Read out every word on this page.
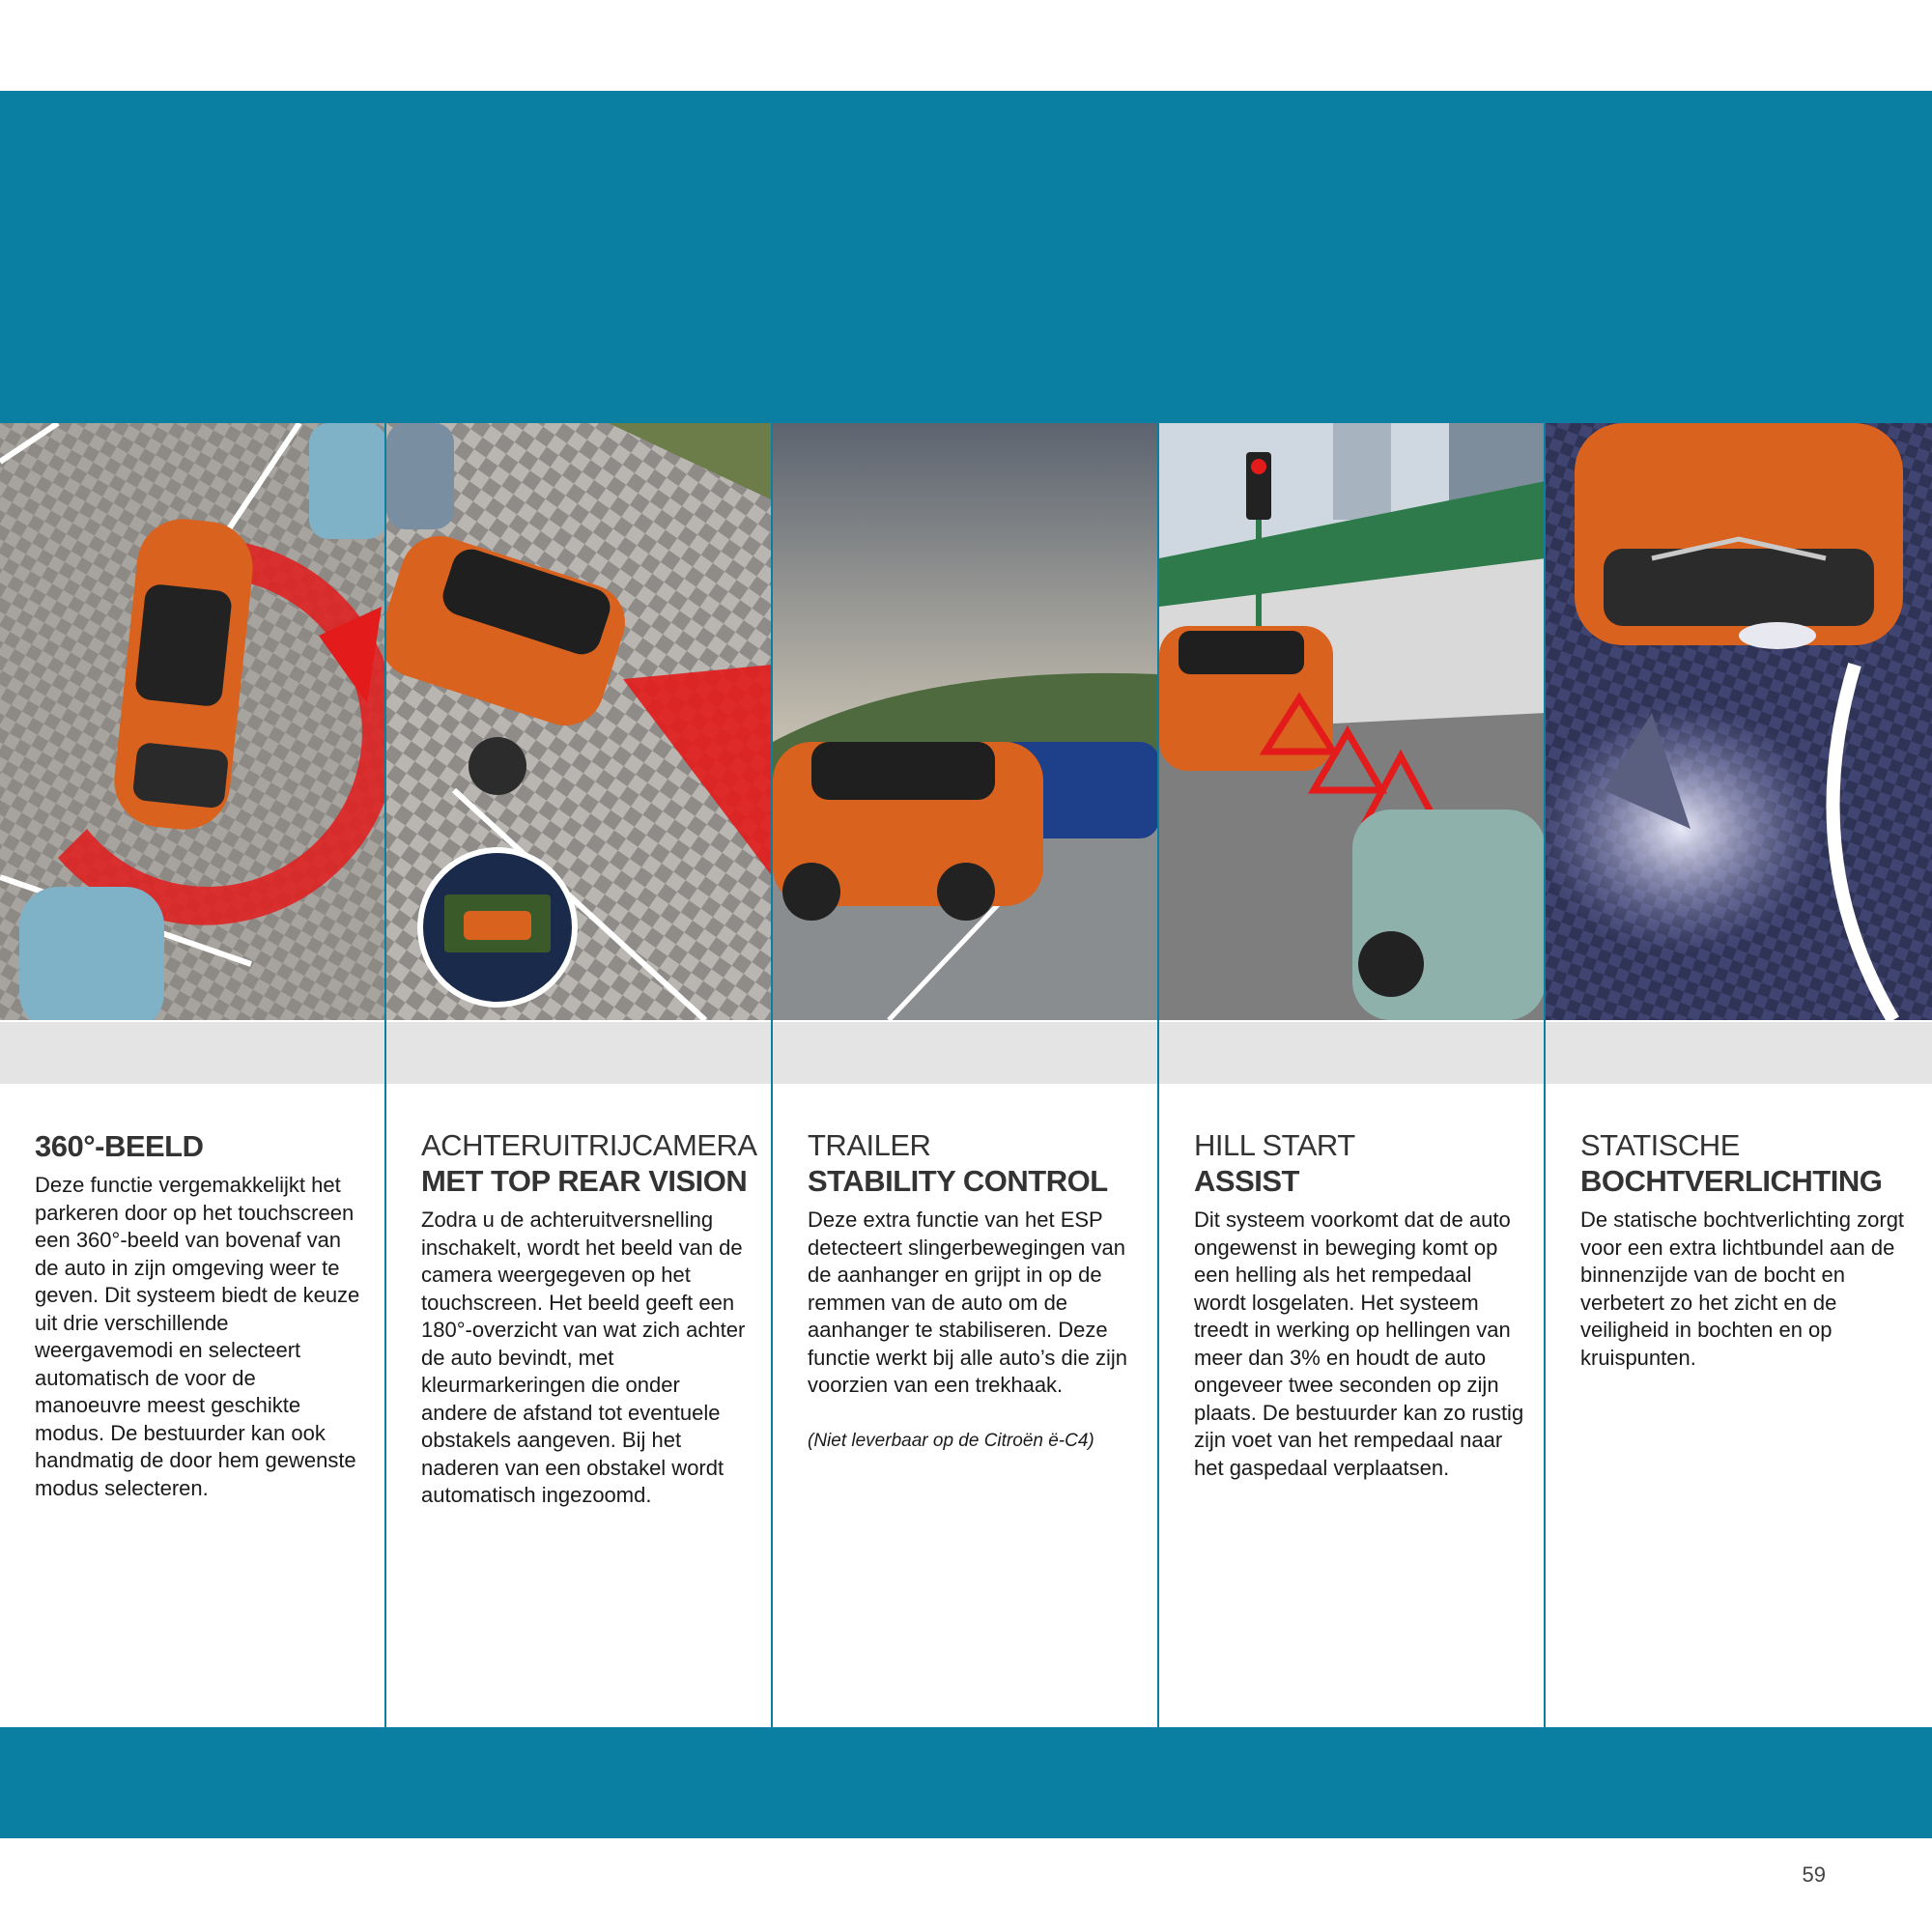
360°-BEELD

Deze functie vergemakkelijkt het parkeren door op het touchscreen een 360°-beeld van bovenaf van de auto in zijn omgeving weer te geven. Dit systeem biedt de keuze uit drie verschillende weergavemodi en selecteert automatisch de voor de manoeuvre meest geschikte modus. De bestuurder kan ook handmatig de door hem gewenste modus selecteren.

ACHTERUITRIJCAMERA

MET TOP REAR VISION

Zodra u de achteruitversnelling inschakelt, wordt het beeld van de camera weergegeven op het touchscreen. Het beeld geeft een 180°-overzicht van wat zich achter de auto bevindt, met kleurmarkeringen die onder andere de afstand tot eventuele obstakels aangeven. Bij het naderen van een obstakel wordt automatisch ingezoomd.

TRAILER

STABILITY CONTROL

Deze extra functie van het ESP detecteert slingerbewegingen van de aanhanger en grijpt in op de remmen van de auto om de aanhanger te stabiliseren. Deze functie werkt bij alle auto’s die zijn voorzien van een trekhaak.

(Niet leverbaar op de Citroën ë-C4)

HILL START

ASSIST

Dit systeem voorkomt dat de auto ongewenst in beweging komt op een helling als het rempedaal wordt losgelaten. Het systeem treedt in werking op hellingen van meer dan 3% en houdt de auto ongeveer twee seconden op zijn plaats. De bestuurder kan zo rustig zijn voet van het rempedaal naar het gaspedaal verplaatsen.

STATISCHE

BOCHTVERLICHTING

De statische bochtverlichting zorgt voor een extra lichtbundel aan de binnenzijde van de bocht en verbetert zo het zicht en de veiligheid in bochten en op kruispunten.

59
